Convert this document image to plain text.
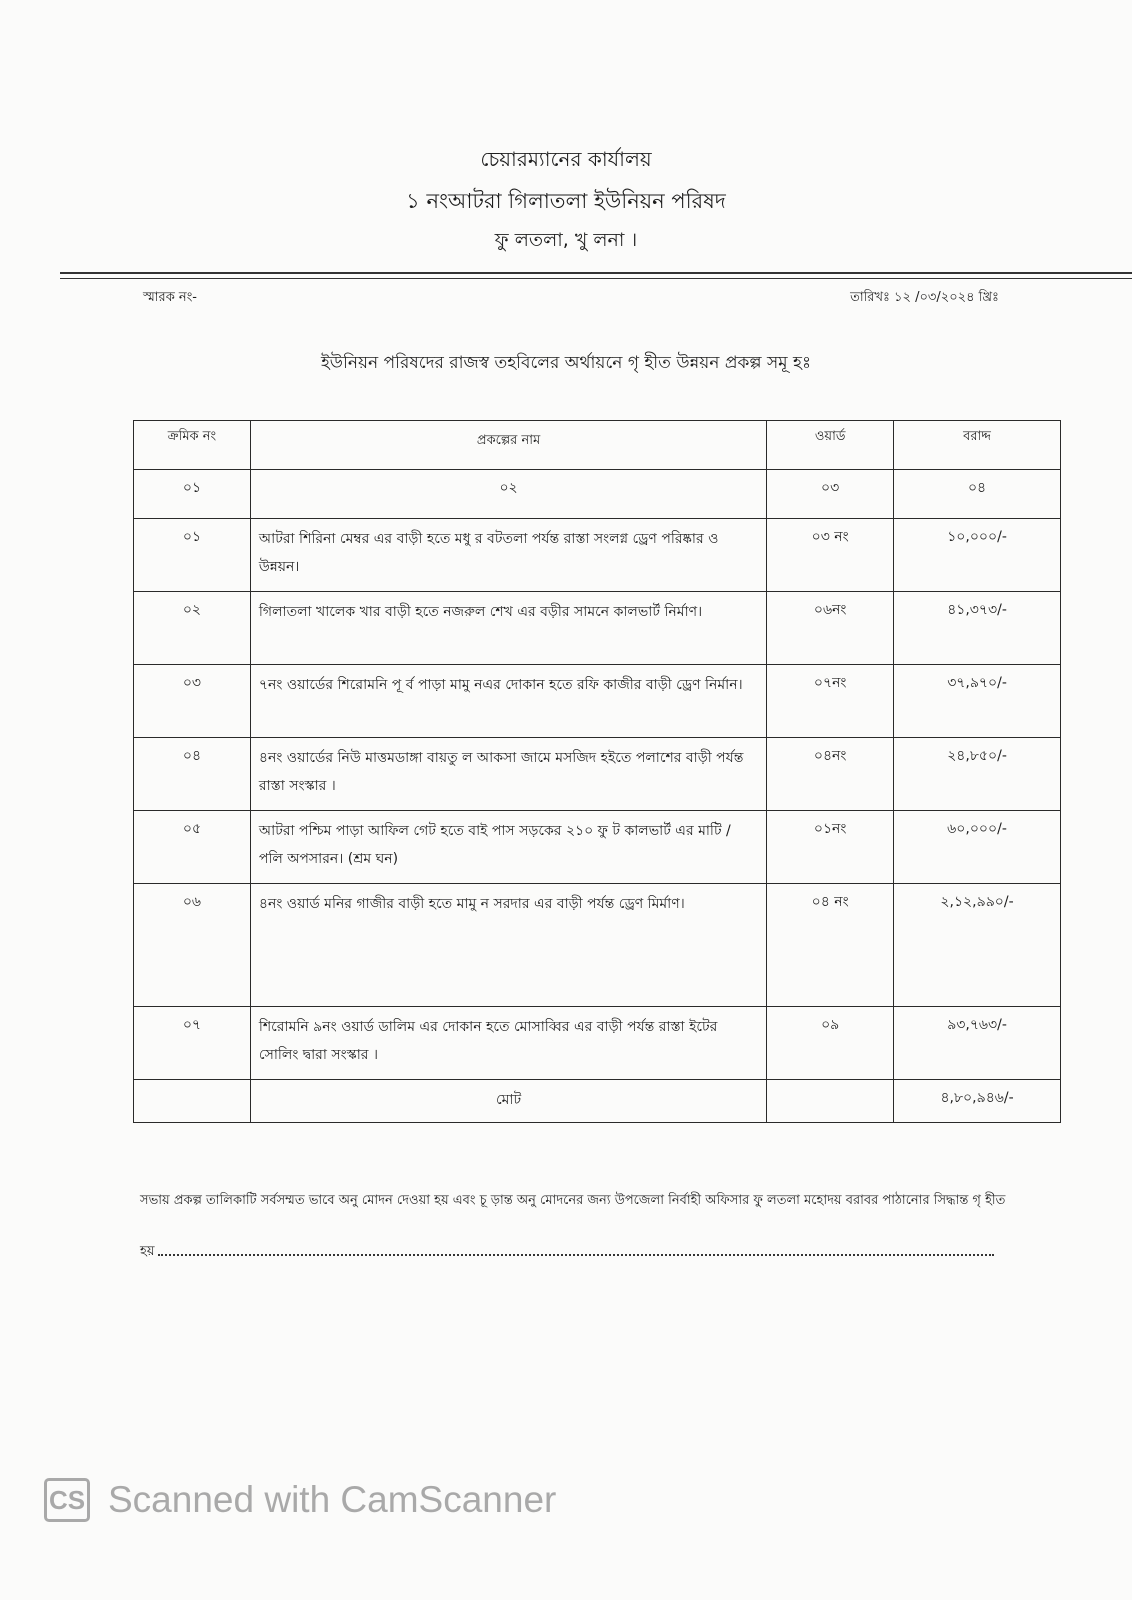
চেয়ারম্যানের কার্যালয়
১ নংআটরা গিলাতলা ইউনিয়ন পরিষদ
ফু লতলা, খু লনা ।
স্মারক নং-	তারিখঃ ১২ /০৩/২০২৪ খ্রিঃ
ইউনিয়ন পরিষদের রাজস্ব তহবিলের অর্থায়নে গৃ হীত উন্নয়ন প্রকল্প সমূ হঃ
ক্রমিক নং	প্রকল্পের নাম	ওয়ার্ড	বরাদ্দ
০১	০২	০৩	০৪
০১	আটরা শিরিনা মেম্বর এর বাড়ী হতে মধু র বটতলা পর্যন্ত রাস্তা সংলগ্ন ড্রেণ পরিষ্কার ও উন্নয়ন।	০৩ নং	১০,০০০/-
০২	গিলাতলা খালেক খার বাড়ী হতে নজরুল শেখ এর বড়ীর সামনে কালভার্ট নির্মাণ।	০৬নং	৪১,৩৭৩/-
০৩	৭নং ওয়ার্ডের শিরোমনি পূ র্ব পাড়া মামু নএর দোকান হতে রফি কাজীর বাড়ী ড্রেণ নির্মান।	০৭নং	৩৭,৯৭০/-
০৪	৪নং ওয়ার্ডের নিউ মাত্তমডাঙ্গা বায়তু ল আকসা জামে মসজিদ হইতে পলাশের বাড়ী পর্যন্ত রাস্তা সংস্কার ।	০৪নং	২৪,৮৫০/-
০৫	আটরা পশ্চিম পাড়া আফিল গেট হতে বাই পাস সড়কের ২১০ ফু ট কালভার্ট এর মাটি / পলি অপসারন। (শ্রম ঘন)	০১নং	৬০,০০০/-
০৬	৪নং ওয়ার্ড মনির গাজীর বাড়ী হতে মামু ন সরদার এর বাড়ী পর্যন্ত ড্রেণ মির্মাণ।	০৪ নং	২,১২,৯৯০/-
০৭	শিরোমনি ৯নং ওয়ার্ড ডালিম এর দোকান হতে মোসাব্বির এর বাড়ী পর্যন্ত রাস্তা ইটের সোলিং দ্বারা সংস্কার ।	০৯	৯৩,৭৬৩/-
	মোট		৪,৮০,৯৪৬/-
সভায় প্রকল্প তালিকাটি সর্বসম্মত ভাবে অনু মোদন দেওয়া হয় এবং চূ ড়ান্ত অনু মোদনের জন্য উপজেলা নির্বাহী অফিসার ফু লতলা মহোদয় বরাবর পাঠানোর সিদ্ধান্ত গৃ হীত
হয়
CS Scanned with CamScanner
